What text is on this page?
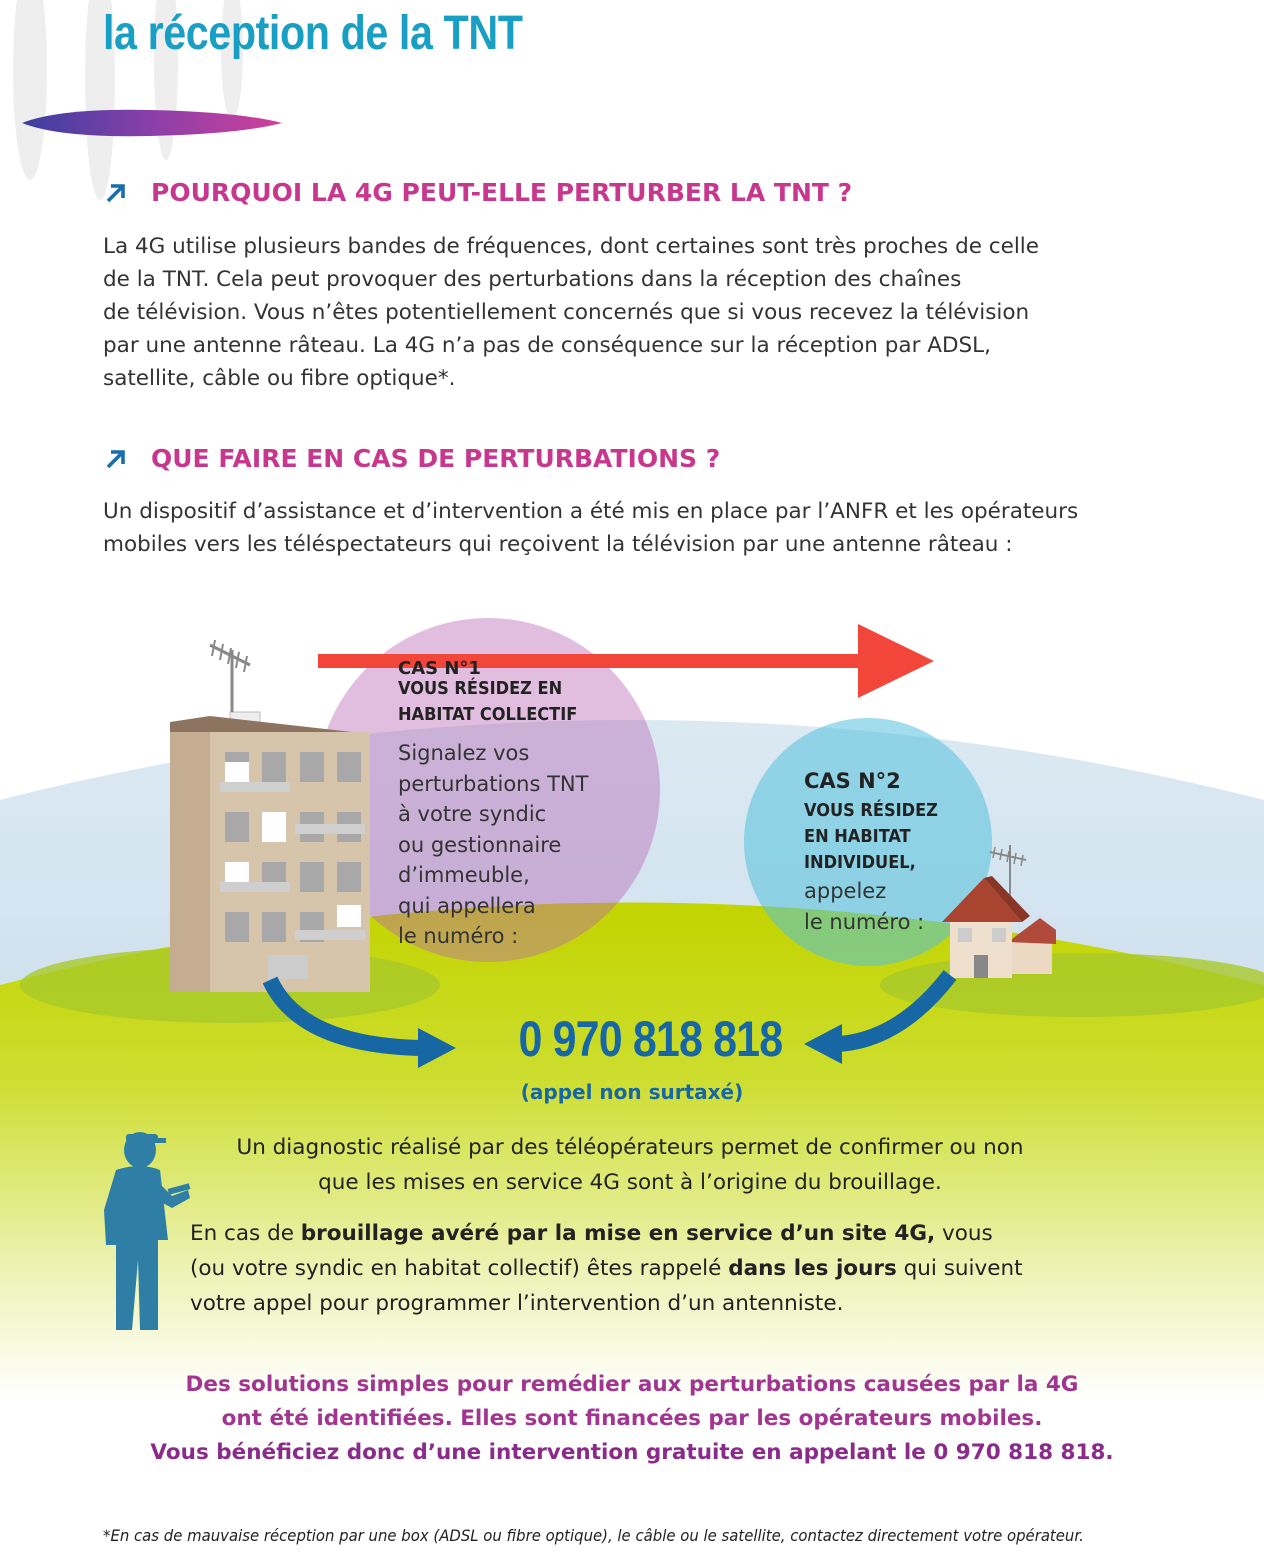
la réception de la TNT
POURQUOI LA 4G PEUT-ELLE PERTURBER LA TNT ?
La 4G utilise plusieurs bandes de fréquences, dont certaines sont très proches de celle
de la TNT. Cela peut provoquer des perturbations dans la réception des chaînes
de télévision. Vous n’êtes potentiellement concernés que si vous recevez la télévision
par une antenne râteau. La 4G n’a pas de conséquence sur la réception par ADSL,
satellite, câble ou fibre optique*.
QUE FAIRE EN CAS DE PERTURBATIONS ?
Un dispositif d’assistance et d’intervention a été mis en place par l’ANFR et les opérateurs
mobiles vers les téléspectateurs qui reçoivent la télévision par une antenne râteau :
CAS N°1
VOUS RÉSIDEZ EN
HABITAT COLLECTIF
Signalez vos
perturbations TNT
à votre syndic
ou gestionnaire
d’immeuble,
qui appellera
le numéro :
CAS N°2
VOUS RÉSIDEZ
EN HABITAT
INDIVIDUEL,
appelez
le numéro :
0 970 818 818
(appel non surtaxé)
Un diagnostic réalisé par des téléopérateurs permet de confirmer ou non
que les mises en service 4G sont à l’origine du brouillage.
En cas de brouillage avéré par la mise en service d’un site 4G, vous
(ou votre syndic en habitat collectif) êtes rappelé dans les jours qui suivent
votre appel pour programmer l’intervention d’un antenniste.
Des solutions simples pour remédier aux perturbations causées par la 4G
ont été identifiées. Elles sont financées par les opérateurs mobiles.
Vous bénéficiez donc d’une intervention gratuite en appelant le 0 970 818 818.
*En cas de mauvaise réception par une box (ADSL ou fibre optique), le câble ou le satellite, contactez directement votre opérateur.
